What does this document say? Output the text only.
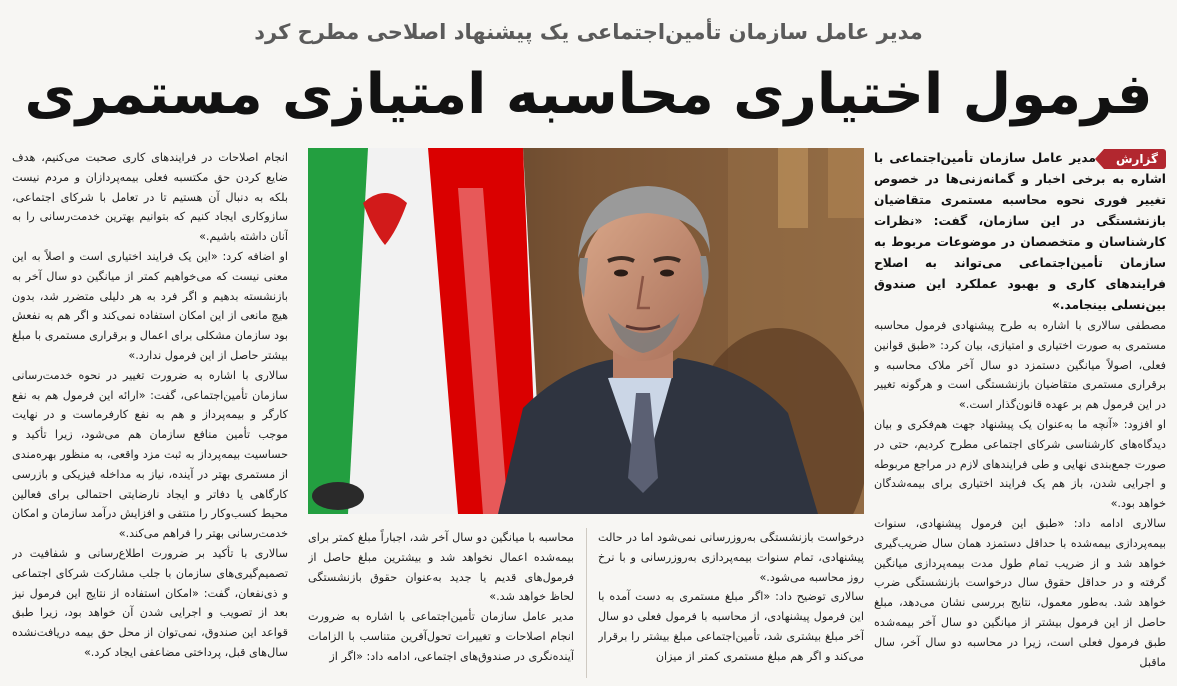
مدیر عامل سازمان تأمین‌اجتماعی یک پیشنهاد اصلاحی مطرح کرد
فرمول اختیاری محاسبه امتیازی مستمری

گزارش
مدیر عامل سازمان تأمین‌اجتماعی با اشاره به برخی اخبار و گمانه‌زنی‌ها در خصوص تغییر فوری نحوه محاسبه مستمری متقاضیان بازنشستگی در این سازمان، گفت: «نظرات کارشناسان و متخصصان در موضوعات مربوط به سازمان تأمین‌اجتماعی می‌تواند به اصلاح فرایندهای کاری و بهبود عملکرد این صندوق بین‌نسلی بینجامد.»

مصطفی سالاری با اشاره به طرح پیشنهادی فرمول محاسبه مستمری به صورت اختیاری و امتیازی، بیان کرد: «طبق قوانین فعلی، اصولاً میانگین دستمزد دو سال آخر ملاک محاسبه و برقراری مستمری متقاضیان بازنشستگی است و هرگونه تغییر در این فرمول هم بر عهده قانون‌گذار است.»

او افزود: «آنچه ما به‌عنوان یک پیشنهاد جهت هم‌فکری و بیان دیدگاه‌های کارشناسی شرکای اجتماعی مطرح کردیم، حتی در صورت جمع‌بندی نهایی و طی فرایندهای لازم در مراجع مربوطه و اجرایی شدن، باز هم یک فرایند اختیاری برای بیمه‌شدگان خواهد بود.»

سالاری ادامه داد: «طبق این فرمول پیشنهادی، سنوات بیمه‌پردازی بیمه‌شده با حداقل دستمزد همان سال ضریب‌گیری خواهد شد و از ضریب تمام طول مدت بیمه‌پردازی میانگین گرفته و در حداقل حقوق سال درخواست بازنشستگی ضرب خواهد شد. به‌طور معمول، نتایج بررسی نشان می‌دهد، مبلغ حاصل از این فرمول بیشتر از میانگین دو سال آخر بیمه‌شده طبق فرمول فعلی است، زیرا در محاسبه دو سال آخر، سال ماقبل

درخواست بازنشستگی به‌روزرسانی نمی‌شود اما در حالت پیشنهادی، تمام سنوات بیمه‌پردازی به‌روزرسانی و با نرخ روز محاسبه می‌شود.»

سالاری توضیح داد: «اگر مبلغ مستمری به دست آمده با این فرمول پیشنهادی، از محاسبه با فرمول فعلی دو سال آخر مبلغ بیشتری شد، تأمین‌اجتماعی مبلغ بیشتر را برقرار می‌کند و اگر هم مبلغ مستمری کمتر از میزان

محاسبه با میانگین دو سال آخر شد، اجباراً مبلغ کمتر برای بیمه‌شده اعمال نخواهد شد و بیشترین مبلغ حاصل از فرمول‌های قدیم یا جدید به‌عنوان حقوق بازنشستگی لحاظ خواهد شد.»

مدیر عامل سازمان تأمین‌اجتماعی با اشاره به ضرورت انجام اصلاحات و تغییرات تحول‌آفرین متناسب با الزامات آینده‌نگری در صندوق‌های اجتماعی، ادامه داد: «اگر از

انجام اصلاحات در فرایندهای کاری صحبت می‌کنیم، هدف ضایع کردن حق مکتسبه فعلی بیمه‌پردازان و مردم نیست بلکه به دنبال آن هستیم تا در تعامل با شرکای اجتماعی، سازوکاری ایجاد کنیم که بتوانیم بهترین خدمت‌رسانی را به آنان داشته باشیم.»

او اضافه کرد: «این یک فرایند اختیاری است و اصلاً به این معنی نیست که می‌خواهیم کمتر از میانگین دو سال آخر به بازنشسته بدهیم و اگر فرد به هر دلیلی متضرر شد، بدون هیچ مانعی از این امکان استفاده نمی‌کند و اگر هم به نفعش بود سازمان مشکلی برای اعمال و برقراری مستمری با مبلغ بیشتر حاصل از این فرمول ندارد.»

سالاری با اشاره به ضرورت تغییر در نحوه خدمت‌رسانی سازمان تأمین‌اجتماعی، گفت: «ارائه این فرمول هم به نفع کارگر و بیمه‌پرداز و هم به نفع کارفرماست و در نهایت موجب تأمین منافع سازمان هم می‌شود، زیرا تأکید و حساسیت بیمه‌پرداز به ثبت مزد واقعی، به منظور بهره‌مندی از مستمری بهتر در آینده، نیاز به مداخله فیزیکی و بازرسی کارگاهی یا دفاتر و ایجاد نارضایتی احتمالی برای فعالین محیط کسب‌وکار را منتفی و افزایش درآمد سازمان و امکان خدمت‌رسانی بهتر را فراهم می‌کند.»

سالاری با تأکید بر ضرورت اطلاع‌رسانی و شفافیت در تصمیم‌گیری‌های سازمان با جلب مشارکت شرکای اجتماعی و ذی‌نفعان، گفت: «امکان استفاده از نتایج این فرمول نیز بعد از تصویب و اجرایی شدن آن خواهد بود، زیرا طبق قواعد این صندوق، نمی‌توان از محل حق بیمه دریافت‌نشده سال‌های قبل، پرداختی مضاعفی ایجاد کرد.»
